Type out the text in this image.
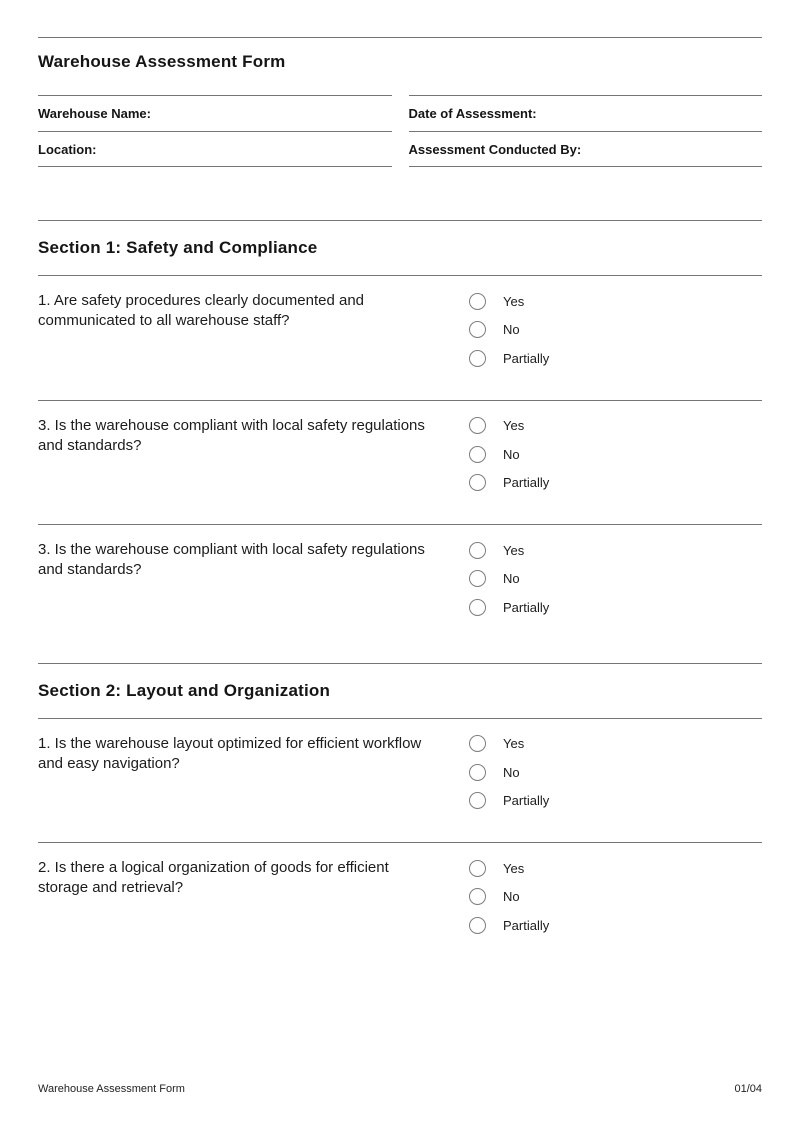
Warehouse Assessment Form
Warehouse Name:	Date of Assessment:
Location:	Assessment Conducted By:
Section 1: Safety and Compliance
1. Are safety procedures clearly documented and communicated to all warehouse staff?
Yes
No
Partially
3. Is the warehouse compliant with local safety regulations and standards?
Yes
No
Partially
3. Is the warehouse compliant with local safety regulations and standards?
Yes
No
Partially
Section 2: Layout and Organization
1. Is the warehouse layout optimized for efficient workflow and easy navigation?
Yes
No
Partially
2. Is there a logical organization of goods for efficient storage and retrieval?
Yes
No
Partially
Warehouse Assessment Form	01/04
